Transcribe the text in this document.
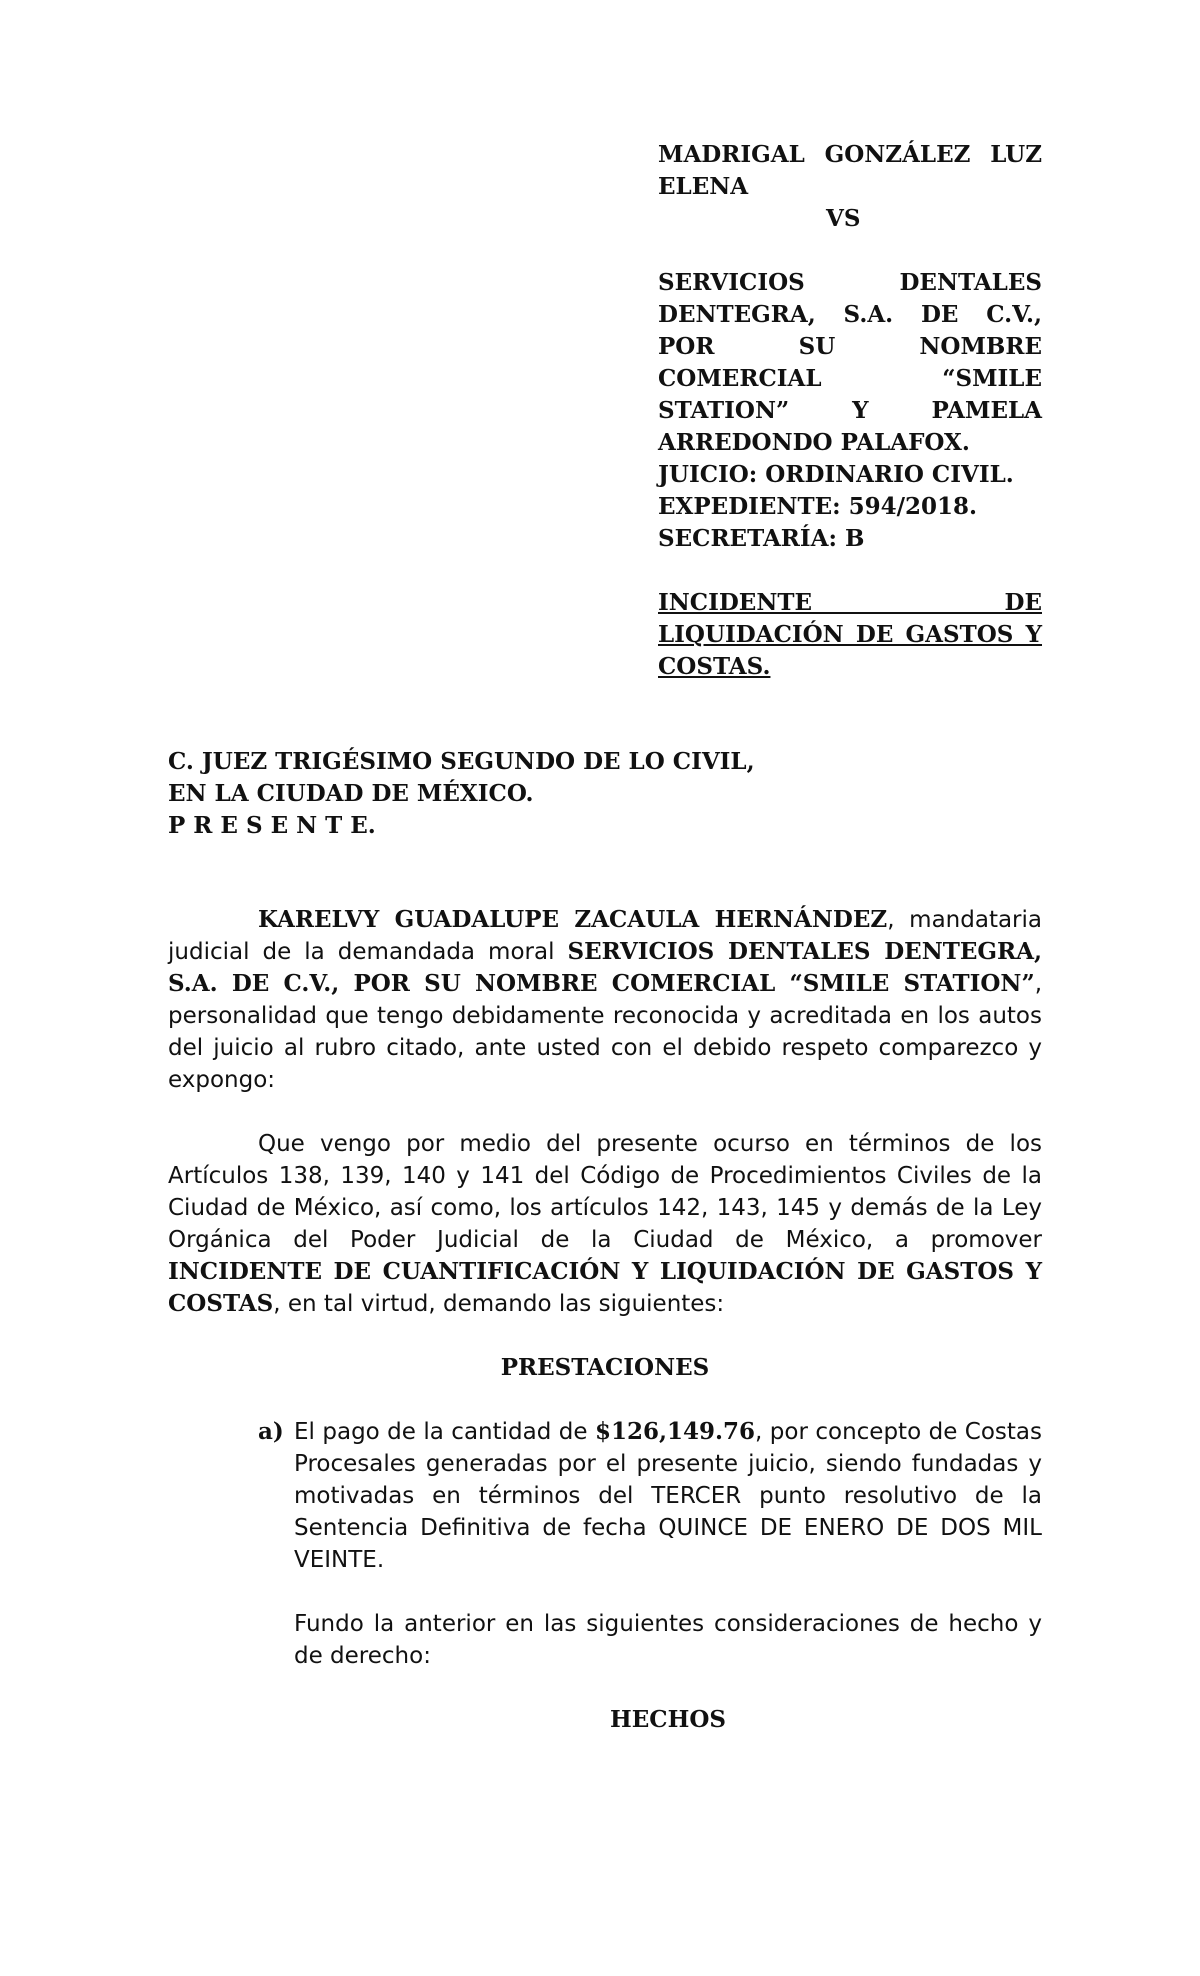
MADRIGAL GONZÁLEZ LUZ
ELENA
VS
SERVICIOS DENTALES
DENTEGRA, S.A. DE C.V.,
POR SU NOMBRE
COMERCIAL “SMILE
STATION” Y PAMELA
ARREDONDO PALAFOX.
JUICIO: ORDINARIO CIVIL.
EXPEDIENTE: 594/2018.
SECRETARÍA: B
INCIDENTE DE
LIQUIDACIÓN DE GASTOS Y
COSTAS.
C. JUEZ TRIGÉSIMO SEGUNDO DE LO CIVIL,
EN LA CIUDAD DE MÉXICO.
P R E S E N T E.

KARELVY GUADALUPE ZACAULA HERNÁNDEZ, mandataria judicial de la demandada moral SERVICIOS DENTALES DENTEGRA, S.A. DE C.V., POR SU NOMBRE COMERCIAL “SMILE STATION”, personalidad que tengo debidamente reconocida y acreditada en los autos del juicio al rubro citado, ante usted con el debido respeto comparezco y expongo:

Que vengo por medio del presente ocurso en términos de los Artículos 138, 139, 140 y 141 del Código de Procedimientos Civiles de la Ciudad de México, así como, los artículos 142, 143, 145 y demás de la Ley Orgánica del Poder Judicial de la Ciudad de México, a promover INCIDENTE DE CUANTIFICACIÓN Y LIQUIDACIÓN DE GASTOS Y COSTAS, en tal virtud, demando las siguientes:

PRESTACIONES

a) El pago de la cantidad de $126,149.76, por concepto de Costas Procesales generadas por el presente juicio, siendo fundadas y motivadas en términos del TERCER punto resolutivo de la Sentencia Definitiva de fecha QUINCE DE ENERO DE DOS MIL VEINTE.

Fundo la anterior en las siguientes consideraciones de hecho y de derecho:

HECHOS
